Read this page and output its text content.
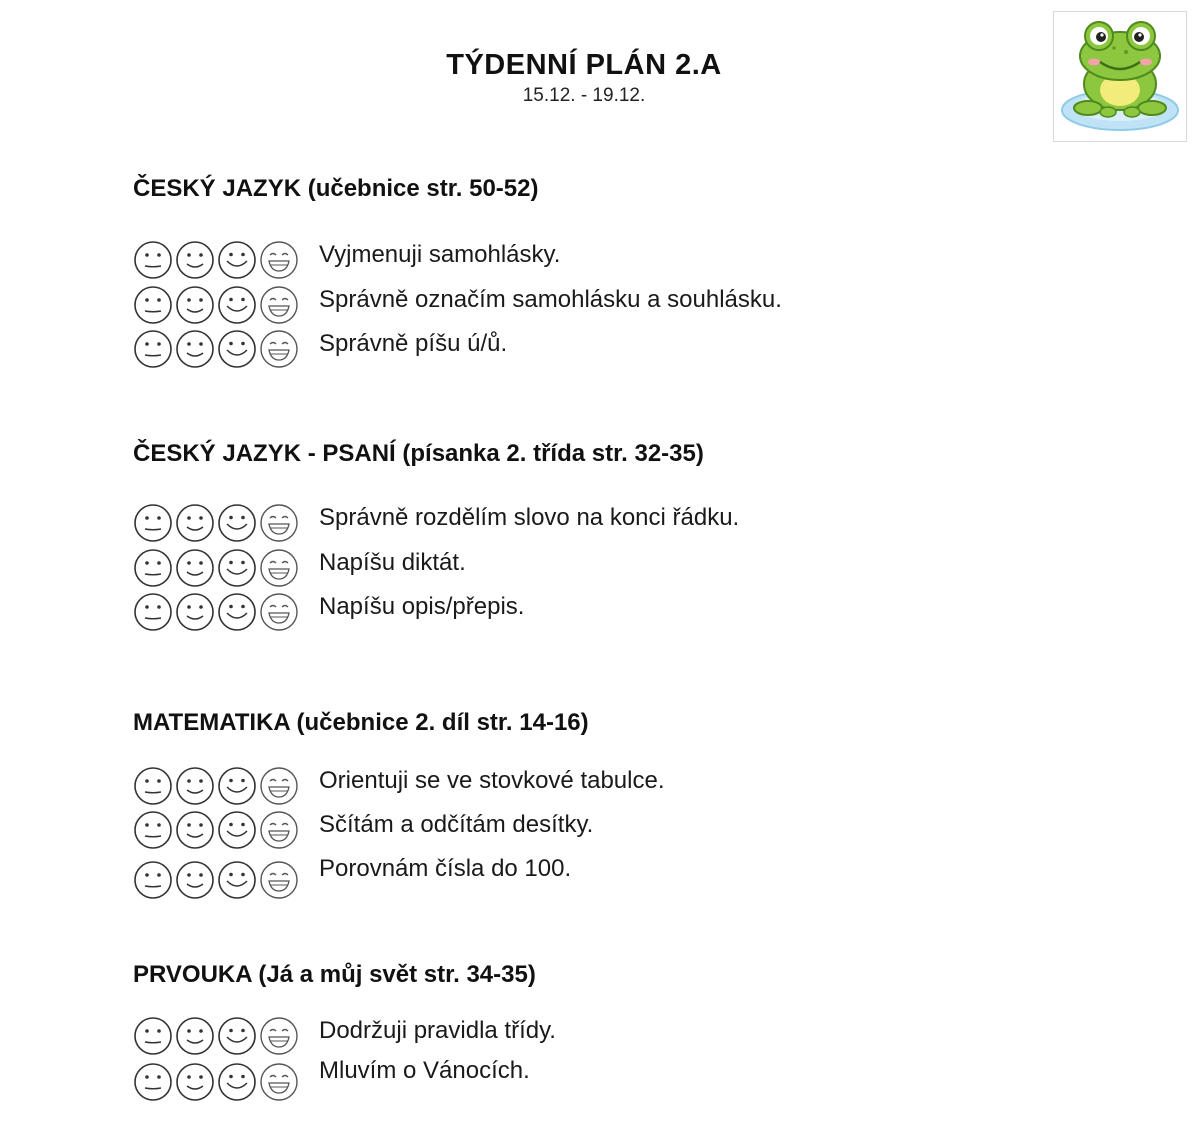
TÝDENNÍ PLÁN 2.A
15.12. - 19.12.
ČESKÝ JAZYK (učebnice str. 50-52)
Vyjmenuji samohlásky.
Správně označím samohlásku a souhlásku.
Správně píšu ú/ů.
ČESKÝ JAZYK - PSANÍ (písanka 2. třída str. 32-35)
Správně rozdělím slovo na konci řádku.
Napíšu diktát.
Napíšu opis/přepis.
MATEMATIKA (učebnice 2. díl str. 14-16)
Orientuji se ve stovkové tabulce.
Sčítám a odčítám desítky.
Porovnám čísla do 100.
PRVOUKA (Já a můj svět str. 34-35)
Dodržuji pravidla třídy.
Mluvím o Vánocích.
